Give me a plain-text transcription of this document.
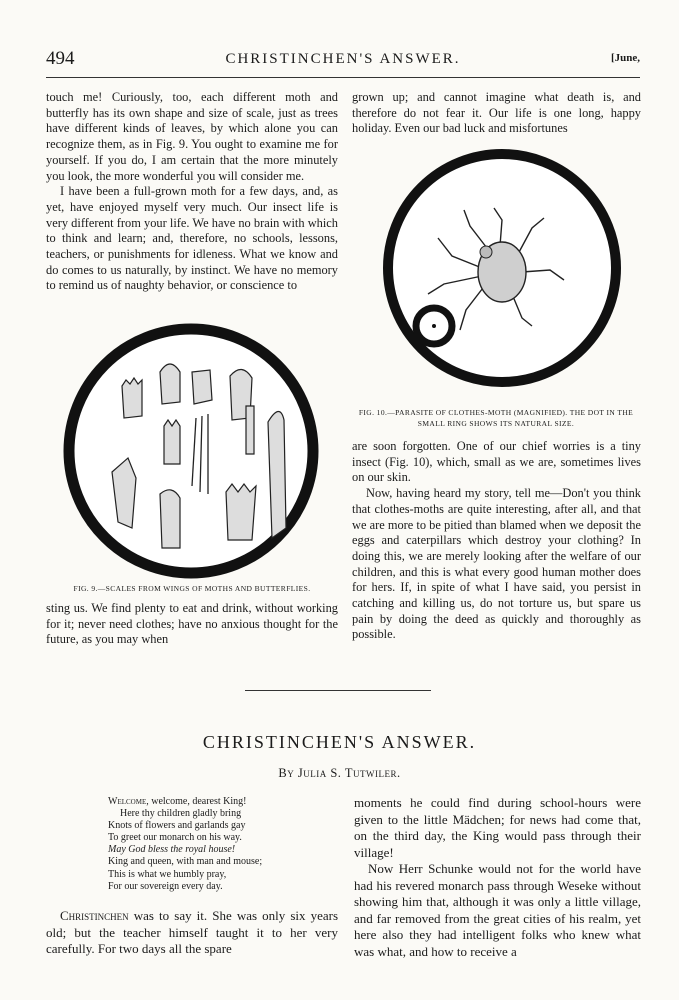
494	CHRISTINCHEN'S ANSWER.	[June,

touch me! Curiously, too, each different moth and butterfly has its own shape and size of scale, just as trees have different kinds of leaves, by which alone you can recognize them, as in Fig. 9. You ought to examine me for yourself. If you do, I am certain that the more minutely you look, the more wonderful you will consider me.

I have been a full-grown moth for a few days, and, as yet, have enjoyed myself very much. Our insect life is very different from your life. We have no brain with which to think and learn; and, therefore, no schools, lessons, teachers, or punishments for idleness. What we know and do comes to us naturally, by instinct. We have no memory to remind us of naughty behavior, or conscience to

FIG. 9.—SCALES FROM WINGS OF MOTHS AND BUTTERFLIES.

sting us. We find plenty to eat and drink, without working for it; never need clothes; have no anxious thought for the future, as you may when

grown up; and cannot imagine what death is, and therefore do not fear it. Our life is one long, happy holiday. Even our bad luck and misfortunes

FIG. 10.—PARASITE OF CLOTHES-MOTH (MAGNIFIED). THE DOT IN THE SMALL RING SHOWS ITS NATURAL SIZE.

are soon forgotten. One of our chief worries is a tiny insect (Fig. 10), which, small as we are, sometimes lives on our skin.

Now, having heard my story, tell me—Don't you think that clothes-moths are quite interesting, after all, and that we are more to be pitied than blamed when we deposit the eggs and caterpillars which destroy your clothing? In doing this, we are merely looking after the welfare of our children, and this is what every good human mother does for hers. If, in spite of what I have said, you persist in catching and killing us, do not torture us, but spare us pain by doing the deed as quickly and thoroughly as possible.

CHRISTINCHEN'S ANSWER.
By Julia S. Tutwiler.
Welcome, welcome, dearest King!
Here thy children gladly bring
Knots of flowers and garlands gay
To greet our monarch on his way.
May God bless the royal house!
King and queen, with man and mouse;
This is what we humbly pray,
For our sovereign every day.

Christinchen was to say it. She was only six years old; but the teacher himself taught it to her very carefully. For two days all the spare

moments he could find during school-hours were given to the little Mädchen; for news had come that, on the third day, the King would pass through their village!

Now Herr Schunke would not for the world have had his revered monarch pass through Weseke without showing him that, although it was only a little village, and far removed from the great cities of his realm, yet here also they had intelligent folks who knew what was what, and how to receive a
